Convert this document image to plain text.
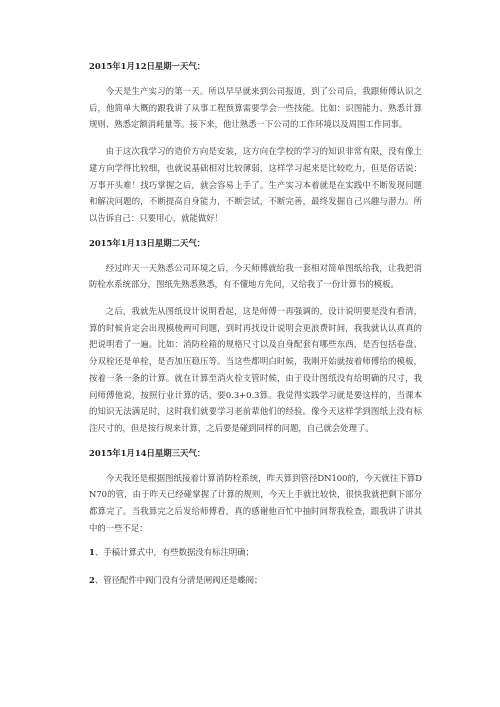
2015年1月12日星期一天气：

今天是生产实习的第一天。所以早早就来到公司报道，到了公司后，我跟师傅认识之后，他简单大概的跟我讲了从事工程预算需要学会一些技能。比如：识图能力、熟悉计算规则、熟悉定额消耗量等。接下来，他让熟悉一下公司的工作环境以及周围工作同事。

由于这次我学习的造价方向是安装，这方向在学校的学习的知识非常有限，没有像土建方向学得比较细，也就说基础相对比较薄弱，这样学习起来是比较吃力，但是俗话说：万事开头难！找巧掌握之后，就会容易上手了。生产实习本着就是在实践中不断发现问题和解决问题的，不断提高自身能力，不断尝试，不断完善，最终发掘自己兴趣与潜力。所以告诉自己：只要用心，就能做好！

2015年1月13日星期二天气：

经过昨天一天熟悉公司环境之后，今天师傅就给我一套相对简单图纸给我，让我把消防栓水系统部分，图纸先熟悉熟悉，有不懂地方先问，又给我了一份计算书的模板。

之后，我就先从图纸设计说明看起，这是师傅一再强调的，设计说明要是没有看清，算的时候肯定会出现模棱两可问题，到时再找设计说明会更浪费时间，我我就认认真真的把说明看了一遍。比如：消防栓箱的规格尺寸以及自身配套有哪些东西，是否包括卷盘、分双栓还是单栓，是否加压稳压等。当这些都明白时候，我刚开始就按着师傅给的模板，按着一条一条的计算。就在计算至消火栓支管时候，由于设计图纸没有给明确的尺寸，我问师傅他说，按照行业计算的话，要0.3+0.3算。我觉得实践学习就是要这样的，当课本的知识无法满足时，这时我们就要学习老前辈他们的经验。像今天这样学到图纸上没有标注尺寸的，但是按行规来计算，之后要是碰到同样的问题，自己就会处理了。

2015年1月14日星期三天气：

今天我还是根据图纸接着计算消防栓系统，昨天算到管径DN100的，今天就往下算DN70的管，由于昨天已经碰掌握了计算的规则，今天上手就比较快，很快我就把剩下部分都算完了。当我算完之后发给师傅看，真的感谢他百忙中抽时间帮我检查，跟我讲了讲其中的一些不足：

1、手稿计算式中，有些数据没有标注明确；
2、管径配件中阀门没有分清是闸阀还是蝶阀；
